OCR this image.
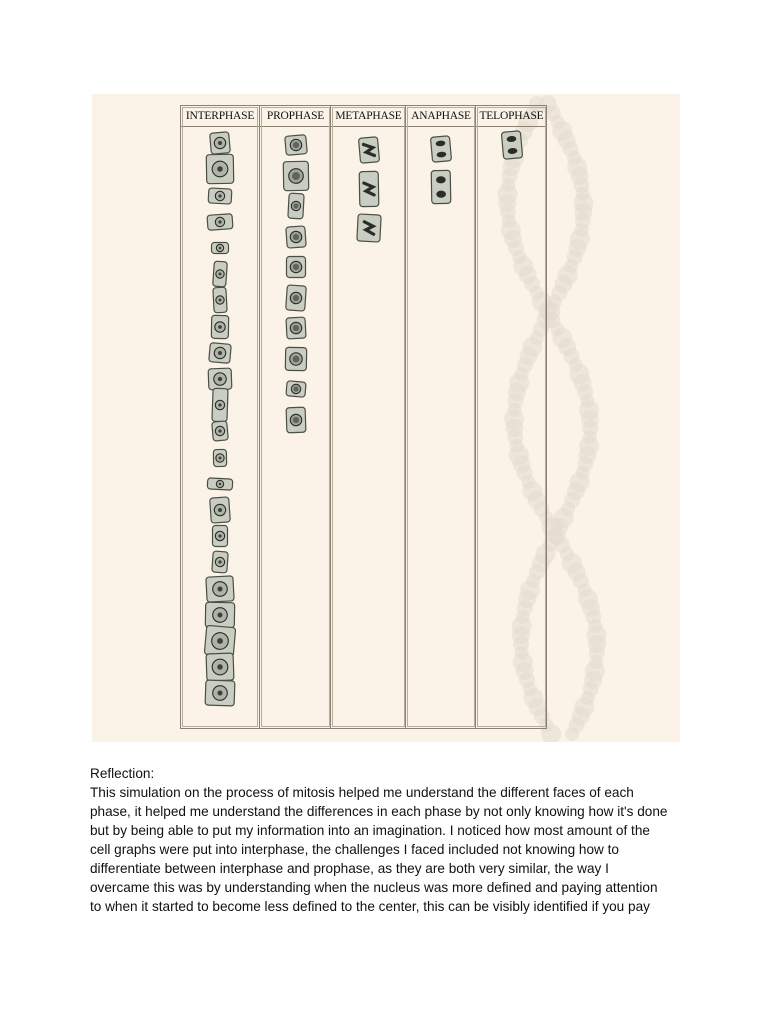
INTERPHASE	PROPHASE METAPHASE ANAPHASE TELOPHASE

Reflection:

This simulation on the process of mitosis helped me understand the different faces of each

phase, it helped me understand the differences in each phase by not only knowing how it's done

but by being able to put my information into an imagination. I noticed how most amount of the

cell graphs were put into interphase, the challenges I faced included not knowing how to

differentiate between interphase and prophase, as they are both very similar, the way I

overcame this was by understanding when the nucleus was more defined and paying attention

to when it started to become less defined to the center, this can be visibly identified if you pay
